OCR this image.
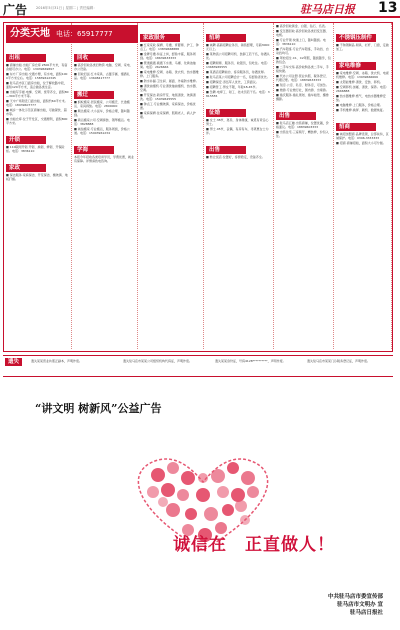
广告	2016年5月31日 | 星期二 | 责任编辑：	驻马店日报 13
出租
■ 商铺出租·出租厂房仓库 2500平方米，有宿舍楼可办公。电话：13939669897
■ 东方厂房出租·交通方便，有水电，面积1000平方米左右。电话：15839612345
■ 驻马店市区门面房出租，位于解放路中段，面积120平方米，适合做各类生意。
■ 出租写字楼·电梯、空调、宽带齐全，面积80—300平方米不等。
■ 天中广场附近门面出租，面积约60平方米。电话：18939607777
■ 城乡一体化示范区商铺出租，可做餐饮、超市等。
■ 出租仓库·位于开发区，交通便利，面积800平方米。
开锁
■ 110联网开锁·开锁、换锁、修锁、开保险柜。电话：3836110
家政
■ 保洁服务·家庭保洁、开荒保洁、擦玻璃、地板打蜡。
回收
■ 高价回收各类旧物资·电脑、空调、家电、办公设备。
■ 回收旧货·红木家具、古董字画、烟酒礼品。电话：13608417777
搬迁
■ 蚂蚁搬家·居民搬家、公司搬迁、长途搬运、家具拆装。电话：2800000
■ 顺达搬家·大小货车，价格合理，随叫随到。
■ 鸿运搬家公司·空调拆装、钢琴搬运。电话：3828888
■ 诚信搬家·专业搬运，服务周到，价格公道。电话：15903961234
学海
本报今年招收各类培训学员，学费优惠，就业有保障。详情请致电咨询。
家政服务
■ 红家家政·保姆、月嫂、育婴师、护工、钟点工。电话：13839668888
■ 金牌月嫂·持证上岗，经验丰富，服务周到。电话：18639633333
■ 管道疏通·疏通下水道、马桶、化粪池抽粪。电话：2626666
■ 家电维修·空调、冰箱、洗衣机、热水器维修。上门服务。
■ 防水补漏·卫生间、屋面、外墙防水维修。
■ 清洗油烟机·专业清洗抽油烟机、热水器、空调。
■ 开荒保洁·新房开荒、地毯清洗、玻璃清洗。电话：15939625555
■ 钟点工·专业擦玻璃、家庭保洁，价格优惠。
■ 家庭保姆·住家保姆、照顾老人、病人护理。
招聘
■ 诚聘·高薪招聘业务员、销售经理，月薪3000元以上。
■ 某物流公司招聘司机、装卸工若干名，待遇从优。
■ 招聘厨师、服务员、收银员，包吃住。电话：13683965555
■ 某酒店招聘前台、客房服务员，待遇优厚。
■ 驻马店某公司招聘会计一名，有经验者优先。
■ 招聘保安·退伍军人优先，工资面议。
■ 招聘普工·男女不限，年龄18-45岁。
■ 急聘·电焊工、钳工、技术员若干名。电话：3815555
征婚
■ 女士·38岁，离异，身体健康，诚觅有责任心男士。
■ 男士·45岁，丧偶，有房有车，寻贤惠女士为伴。
出售
■ 转让饭店·位置好，客源稳定，设备齐全。
■ 高价回收黄金、白银、钻石、名表。
■ 变压器回收·高价回收各类旧变压器、电缆。
■ 专业开锁·快速上门，随叫随到。电话：3836110
■ 汽车陪练·专业汽车陪练，手动挡、自动挡均可。
■ 驾校招生·C1、C2驾照，随到随学，包教包会。
■ 二手车交易·高价收购各类二手车，手续快捷。
■ 代办公司注册·营业执照、税务登记、代理记账。电话：18839633333
■ 刻章·公章、私章、财务章，可加急。
■ 旅游·专业旅行社，国内游、出境游。
■ 婚庆服务·婚礼策划、婚车租赁、摄像摄影。
出售
■ 驻马店汇融·出售商铺，位置优越，价格面议。电话：18839603333
■ 出售住宅·三室两厅，精装修，拎包入住。
不锈钢压制件
■ 不锈钢制品·厨具、栏杆、门窗，定做加工。
家电维修
■ 家电维修·空调、冰箱、洗衣机、电视机维修。电话：13939666666
■ 太阳能维修·清洗、安装、移机。
■ 空调移机·加氟、清洗、保养。电话：2666888
■ 热水器维修·燃气、电热水器维修安装。
■ 电脑维修·上门服务，价格合理。
■ 手机维修·换屏、刷机、数据恢复。
招商
■ 诚招加盟商·品牌连锁，总部扶持，区域保护。电话：0396-3333333
■ 招商·商铺招租，面积大小可分割。
分类天地 电话：65917777
遗失	遗失某某营业执照正副本，声明作废。	遗失驻马店市某某公司组织机构代码证，声明作废。	遗失某某身份证，号码4128**********，声明作废。	遗失驻马店市某某门诊税务登记证，声明作废。
“讲文明 树新风”公益广告
诚信在 正直做人！
中共驻马店市委宣传部
驻马店市文明办 宣
驻马店日报社
